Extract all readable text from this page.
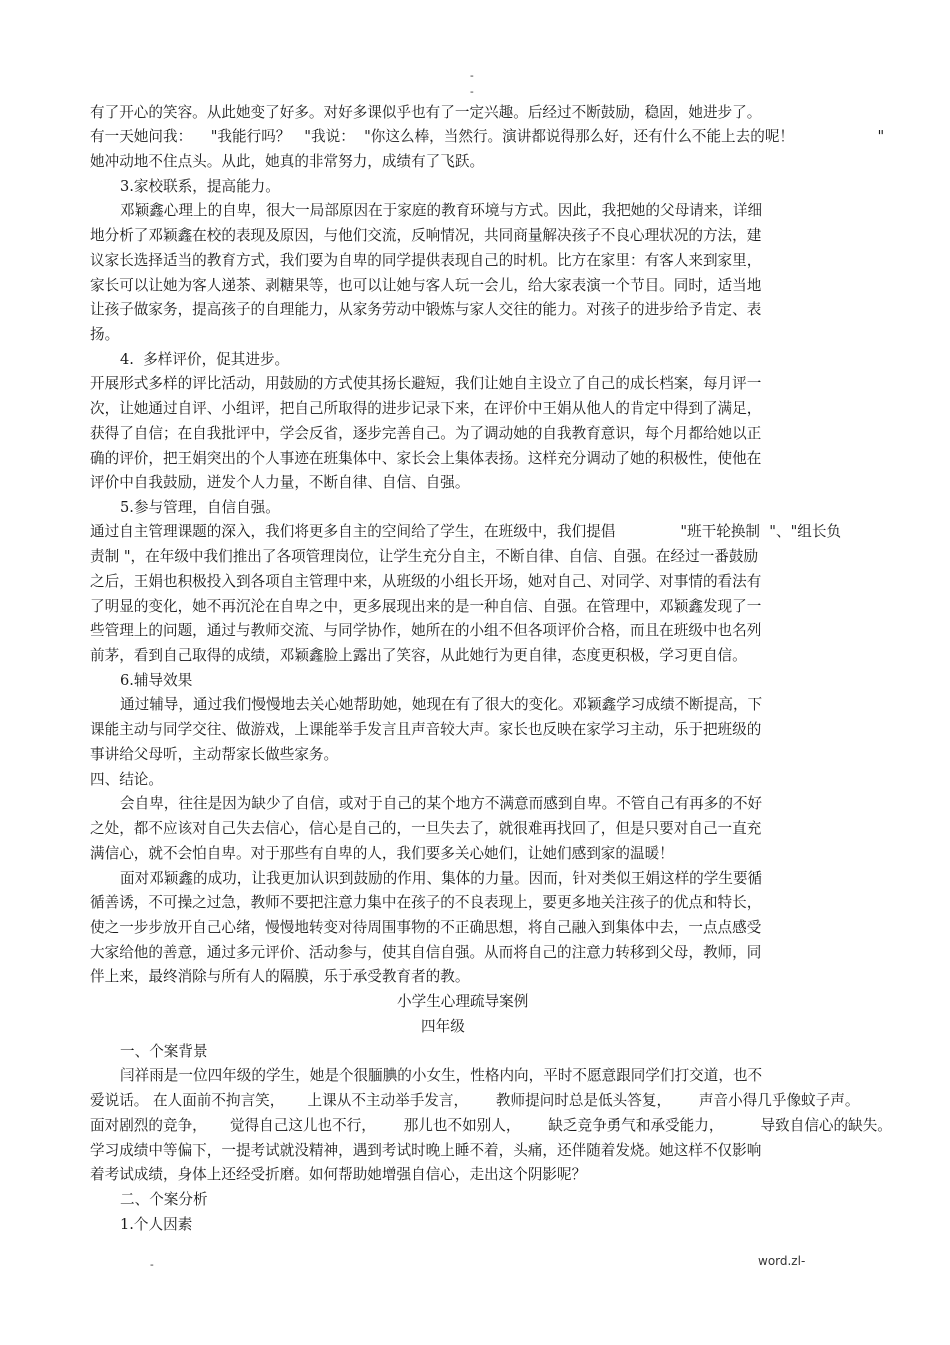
-
-
有了开心的笑容。从此她变了好多。对好多课似乎也有了一定兴趣。后经过不断鼓励，稳固，她进步了。
有一天她问我：    "我能行吗？   "我说：  "你这么棒，当然行。演讲都说得那么好，还有什么不能上去的呢！                  "
她冲动地不住点头。从此，她真的非常努力，成绩有了飞跃。
3.家校联系，提高能力。
邓颖鑫心理上的自卑，很大一局部原因在于家庭的教育环境与方式。因此，我把她的父母请来，详细
地分析了邓颖鑫在校的表现及原因，与他们交流，反响情况，共同商量解决孩子不良心理状况的方法，建
议家长选择适当的教育方式，我们要为自卑的同学提供表现自己的时机。比方在家里：有客人来到家里，
家长可以让她为客人递茶、剥糖果等，也可以让她与客人玩一会儿，给大家表演一个节目。同时，适当地
让孩子做家务，提高孩子的自理能力，从家务劳动中锻炼与家人交往的能力。对孩子的进步给予肯定、表
扬。
4.  多样评价，促其进步。
开展形式多样的评比活动，用鼓励的方式使其扬长避短，我们让她自主设立了自己的成长档案，每月评一
次，让她通过自评、小组评，把自己所取得的进步记录下来，在评价中王娟从他人的肯定中得到了满足，
获得了自信；在自我批评中，学会反省，逐步完善自己。为了调动她的自我教育意识，每个月都给她以正
确的评价，把王娟突出的个人事迹在班集体中、家长会上集体表扬。这样充分调动了她的积极性，使他在
评价中自我鼓励，迸发个人力量，不断自律、自信、自强。
5.参与管理，自信自强。
通过自主管理课题的深入，我们将更多自主的空间给了学生，在班级中，我们提倡              "班干轮换制  "、"组长负
责制 "，在年级中我们推出了各项管理岗位，让学生充分自主，不断自律、自信、自强。在经过一番鼓励
之后，王娟也积极投入到各项自主管理中来，从班级的小组长开场，她对自己、对同学、对事情的看法有
了明显的变化，她不再沉沦在自卑之中，更多展现出来的是一种自信、自强。在管理中，邓颖鑫发现了一
些管理上的问题，通过与教师交流、与同学协作，她所在的小组不但各项评价合格，而且在班级中也名列
前茅，看到自己取得的成绩，邓颖鑫脸上露出了笑容，从此她行为更自律，态度更积极，学习更自信。
6.辅导效果
通过辅导，通过我们慢慢地去关心她帮助她，她现在有了很大的变化。邓颖鑫学习成绩不断提高，下
课能主动与同学交往、做游戏，上课能举手发言且声音较大声。家长也反映在家学习主动，乐于把班级的
事讲给父母听，主动帮家长做些家务。
四、结论。
会自卑，往往是因为缺少了自信，或对于自己的某个地方不满意而感到自卑。不管自己有再多的不好
之处，都不应该对自己失去信心，信心是自己的，一旦失去了，就很难再找回了，但是只要对自己一直充
满信心，就不会怕自卑。对于那些有自卑的人，我们要多关心她们，让她们感到家的温暖！
面对邓颖鑫的成功，让我更加认识到鼓励的作用、集体的力量。因而，针对类似王娟这样的学生要循
循善诱，不可操之过急，教师不要把注意力集中在孩子的不良表现上，要更多地关注孩子的优点和特长，
使之一步步放开自己心绪，慢慢地转变对待周围事物的不正确思想，将自己融入到集体中去，一点点感受
大家给他的善意，通过多元评价、活动参与，使其自信自强。从而将自己的注意力转移到父母，教师，同
伴上来，最终消除与所有人的隔膜，乐于承受教育者的教。
小学生心理疏导案例
四年级
一、个案背景
闫祥雨是一位四年级的学生，她是个很腼腆的小女生，性格内向，平时不愿意跟同学们打交道，也不
爱说话。 在人面前不拘言笑，     上课从不主动举手发言，      教师提问时总是低头答复，      声音小得几乎像蚊子声。
面对剧烈的竞争，     觉得自己这儿也不行，      那儿也不如别人，      缺乏竞争勇气和承受能力，        导致自信心的缺失。
学习成绩中等偏下，一提考试就没精神，遇到考试时晚上睡不着，头痛，还伴随着发烧。她这样不仅影响
着考试成绩，身体上还经受折磨。如何帮助她增强自信心，走出这个阴影呢？
二、个案分析
1.个人因素
-	word.zl-
